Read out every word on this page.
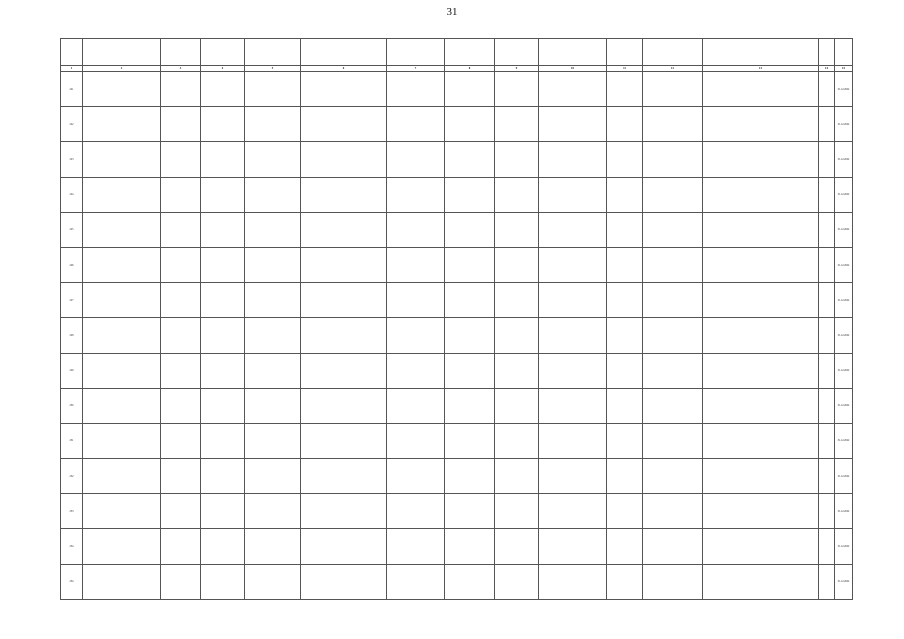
31

1	2	3	4	5	6	7	8	9	10	11	12	13	14	15
221														31.12.2022
222														31.12.2022
223														31.12.2022
224														31.12.2022
225														31.12.2022
226														31.12.2022
227														31.12.2022
228														31.12.2022
229														31.12.2022
230														31.12.2022
231														31.12.2022
232														31.12.2022
233														31.12.2022
234														31.12.2022
234														31.12.2022
